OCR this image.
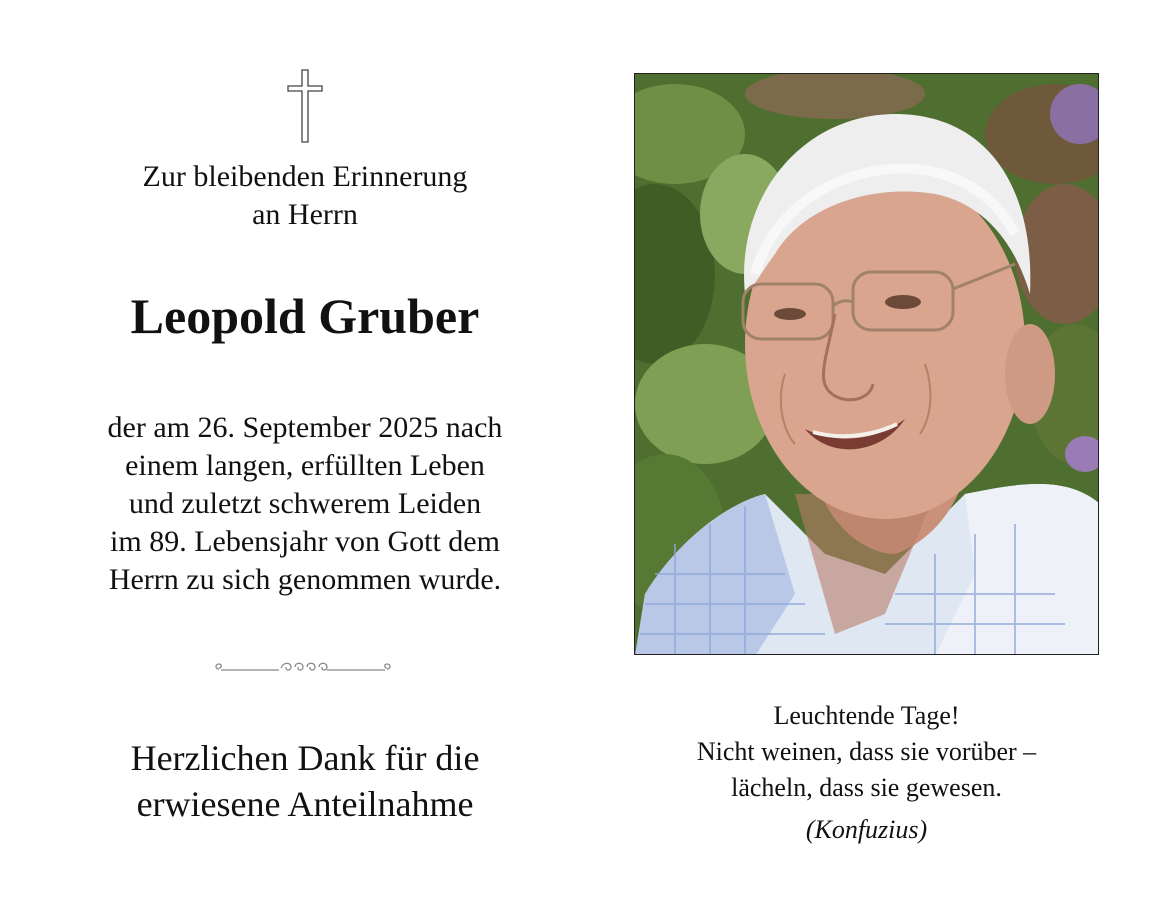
Zur bleibenden Erinnerung
an Herrn
Leopold Gruber
der am 26. September 2025 nach
einem langen, erfüllten Leben
und zuletzt schwerem Leiden
im 89. Lebensjahr von Gott dem
Herrn zu sich genommen wurde.
Herzlichen Dank für die
erwiesene Anteilnahme
Leuchtende Tage!
Nicht weinen, dass sie vorüber –
lächeln, dass sie gewesen.
(Konfuzius)
